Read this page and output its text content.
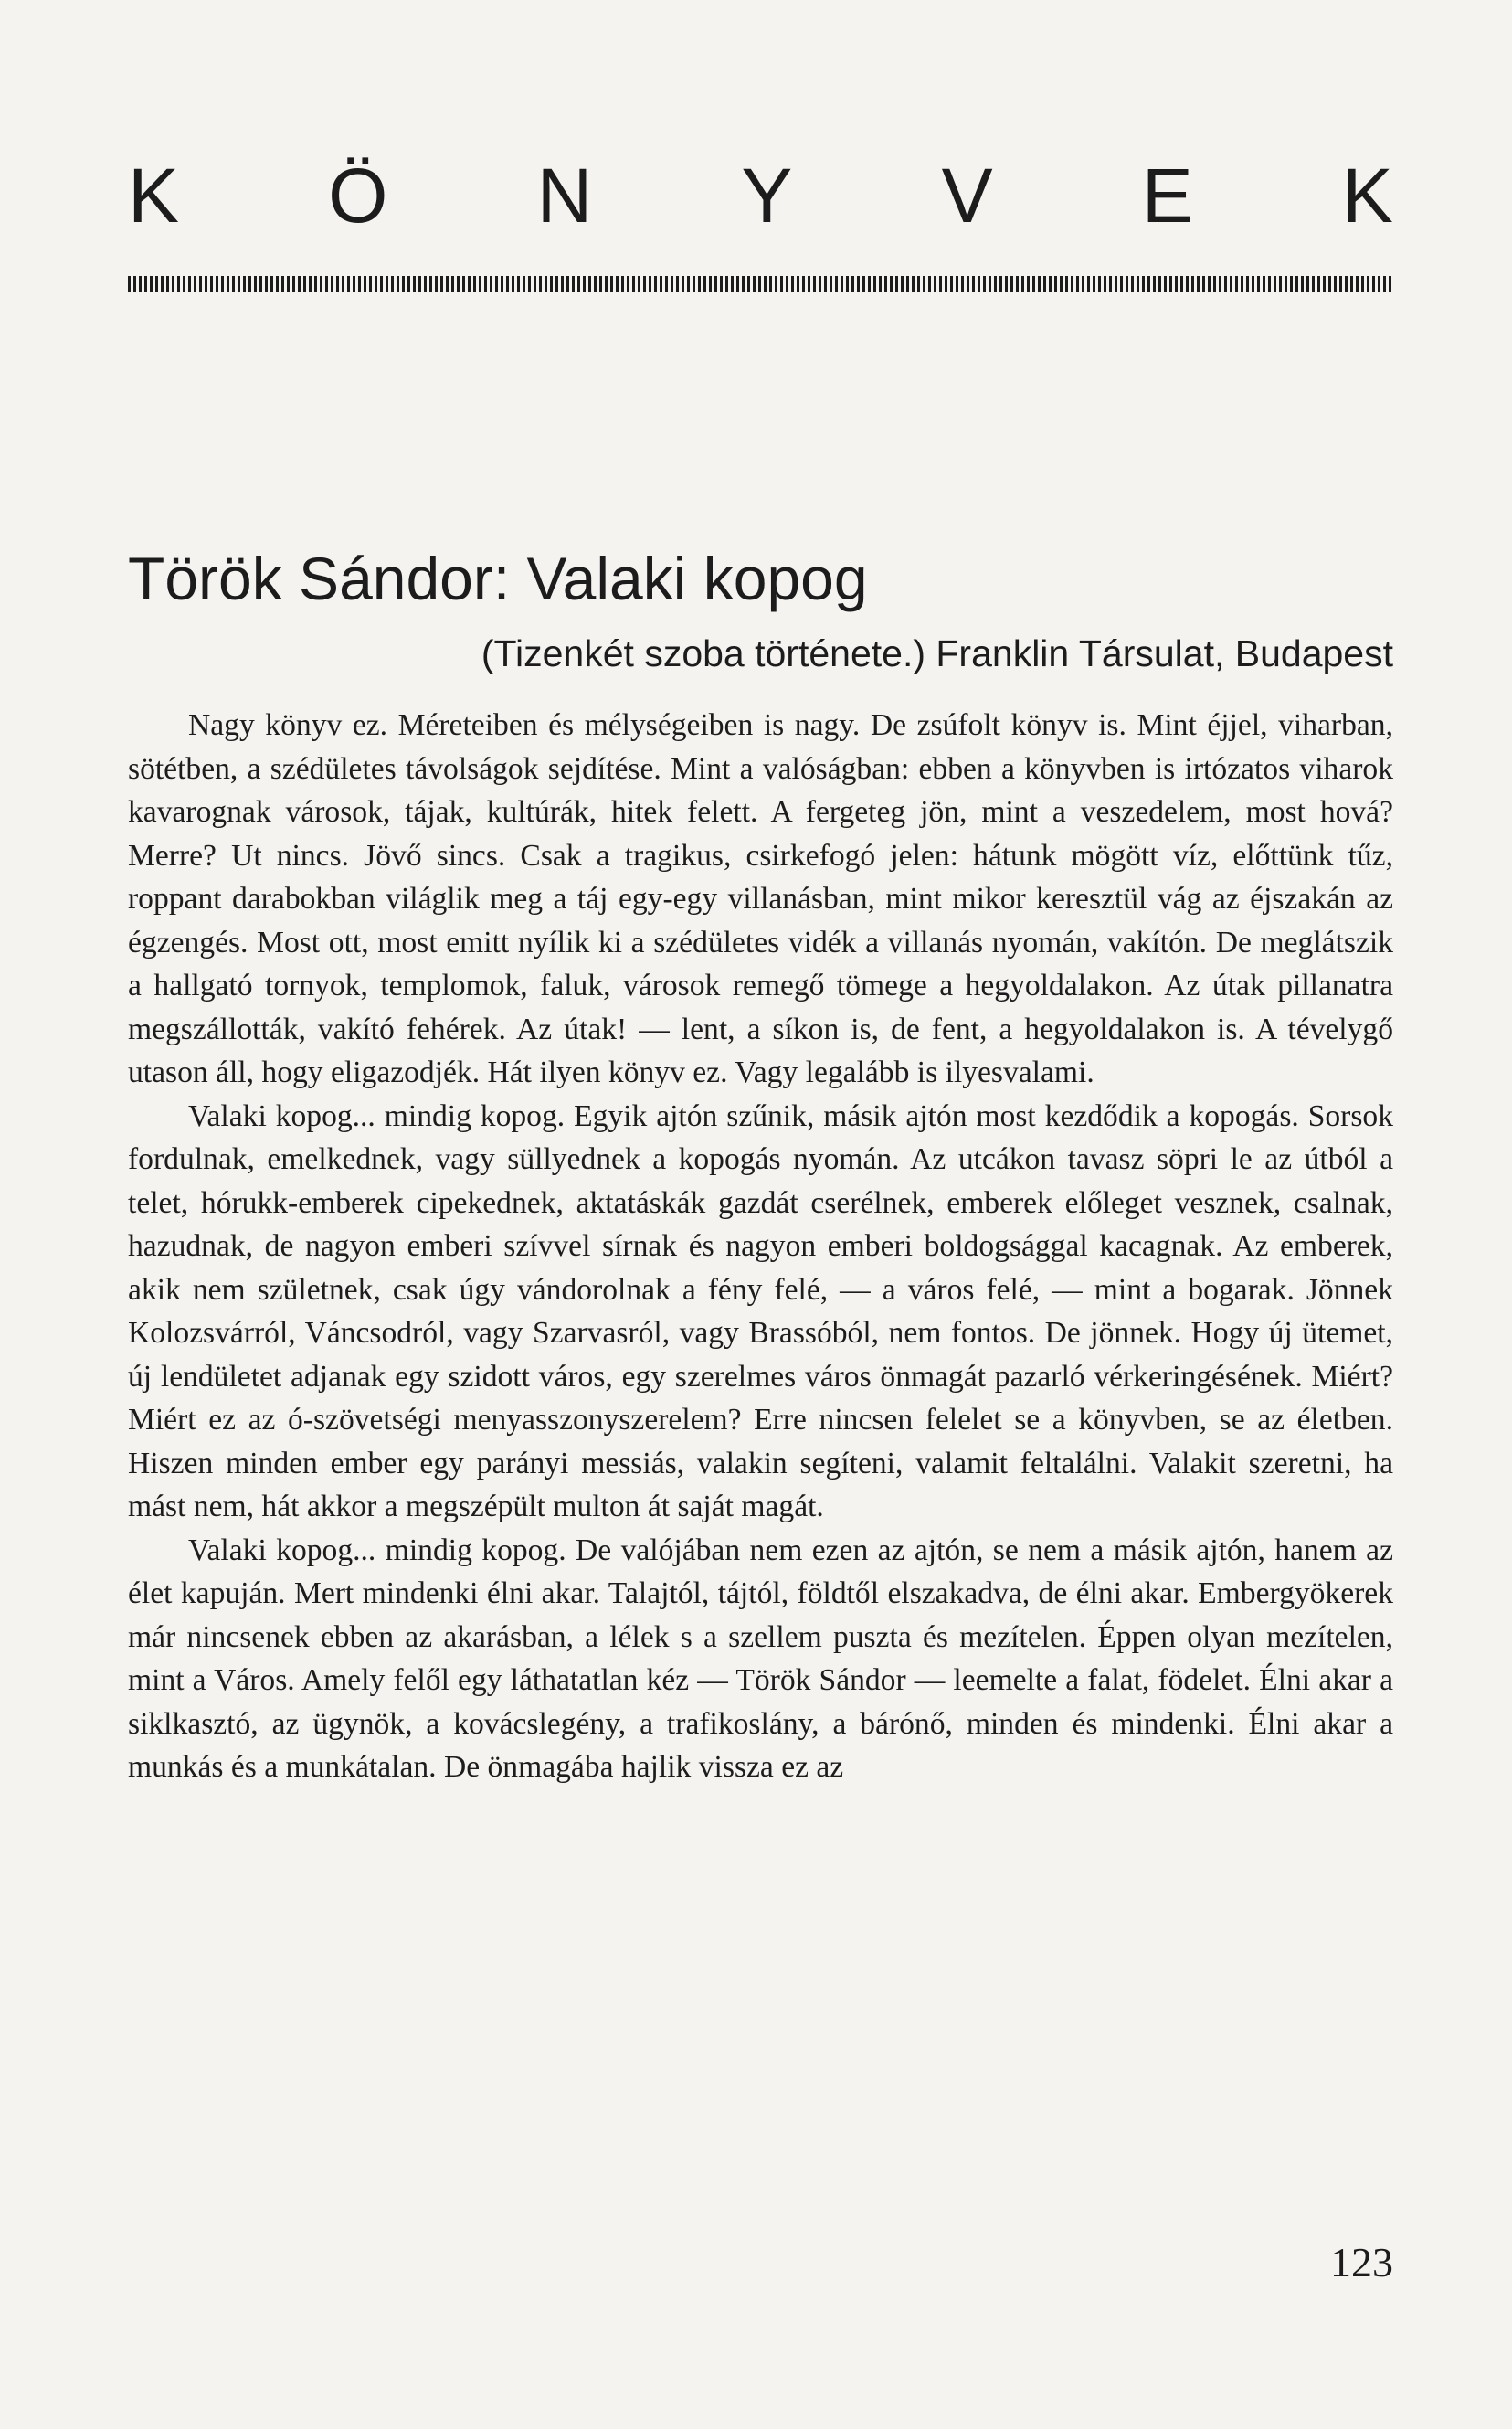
K Ö N Y V E K
Török Sándor: Valaki kopog
(Tizenkét szoba története.) Franklin Társulat, Budapest

Nagy könyv ez. Méreteiben és mélységeiben is nagy. De zsúfolt könyv is. Mint éjjel, viharban, sötétben, a szédületes távolságok sejdítése. Mint a valóságban: ebben a könyvben is irtózatos viharok kavarognak városok, tájak, kultúrák, hitek felett. A fergeteg jön, mint a veszedelem, most hová? Merre? Ut nincs. Jövő sincs. Csak a tragikus, csirkefogó jelen: hátunk mögött víz, előttünk tűz, roppant darabokban világlik meg a táj egy-egy villanásban, mint mikor keresztül vág az éjszakán az égzengés. Most ott, most emitt nyílik ki a szédületes vidék a villanás nyomán, vakítón. De meglátszik a hallgató tornyok, templomok, faluk, városok remegő tömege a hegyoldalakon. Az útak pillanatra megszállották, vakító fehérek. Az útak! — lent, a síkon is, de fent, a hegyoldalakon is. A tévelygő utason áll, hogy eligazodjék. Hát ilyen könyv ez. Vagy legalább is ilyesvalami.

Valaki kopog... mindig kopog. Egyik ajtón szűnik, másik ajtón most kezdődik a kopogás. Sorsok fordulnak, emelkednek, vagy süllyednek a kopogás nyomán. Az utcákon tavasz söpri le az útból a telet, hórukk-emberek cipekednek, aktatáskák gazdát cserélnek, emberek előleget vesznek, csalnak, hazudnak, de nagyon emberi szívvel sírnak és nagyon emberi boldogsággal kacagnak. Az emberek, akik nem születnek, csak úgy vándorolnak a fény felé, — a város felé, — mint a bogarak. Jönnek Kolozsvárról, Váncsodról, vagy Szarvasról, vagy Brassóból, nem fontos. De jönnek. Hogy új ütemet, új lendületet adjanak egy szidott város, egy szerelmes város önmagát pazarló vérkeringésének. Miért? Miért ez az ó-szövetségi menyasszonyszerelem? Erre nincsen felelet se a könyvben, se az életben. Hiszen minden ember egy parányi messiás, valakin segíteni, valamit feltalálni. Valakit szeretni, ha mást nem, hát akkor a megszépült multon át saját magát.

Valaki kopog... mindig kopog. De valójában nem ezen az ajtón, se nem a másik ajtón, hanem az élet kapuján. Mert mindenki élni akar. Talajtól, tájtól, földtől elszakadva, de élni akar. Embergyökerek már nincsenek ebben az akarásban, a lélek s a szellem puszta és mezítelen. Éppen olyan mezítelen, mint a Város. Amely felől egy láthatatlan kéz — Török Sándor — leemelte a falat, födelet. Élni akar a siklkasztó, az ügynök, a kovácslegény, a trafikoslány, a bárónő, minden és mindenki. Élni akar a munkás és a munkátalan. De önmagába hajlik vissza ez az

123
